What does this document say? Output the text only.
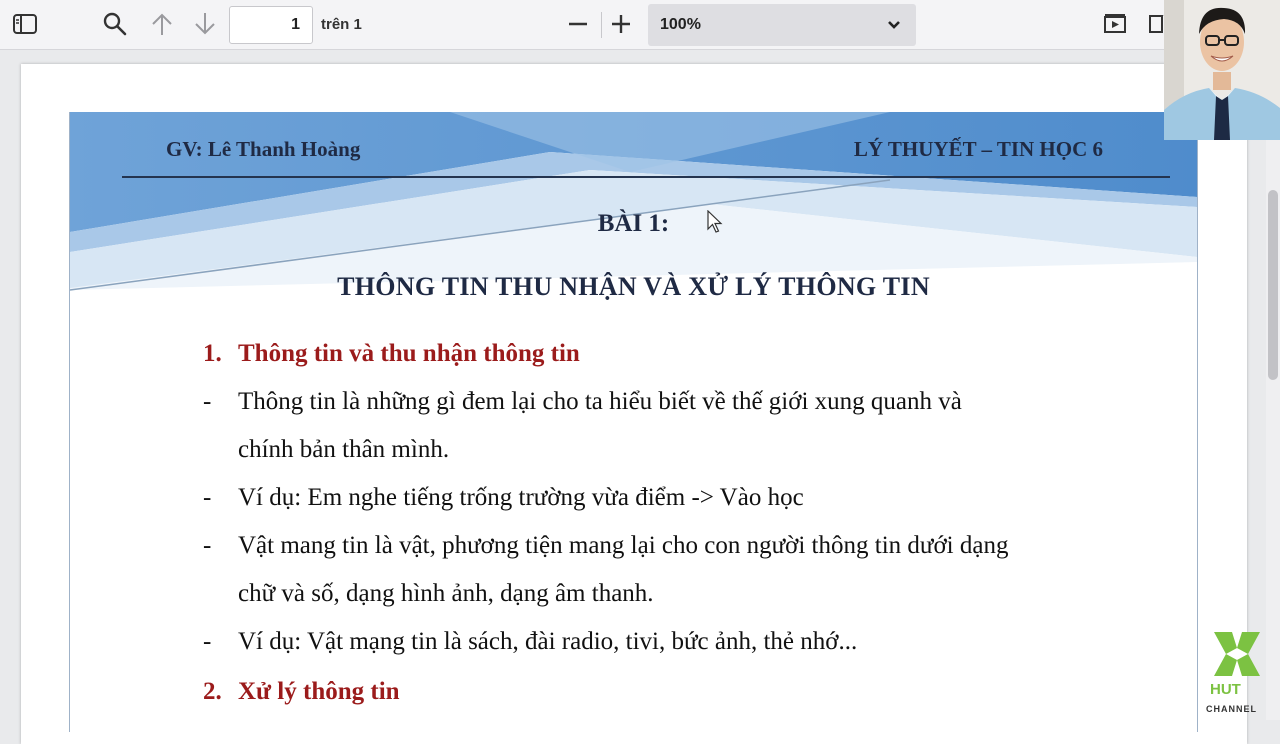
1
trên 1	100%
GV: Lê Thanh Hoàng	LÝ THUYẾT – TIN HỌC 6
BÀI 1:
THÔNG TIN THU NHẬN VÀ XỬ LÝ THÔNG TIN
1. Thông tin và thu nhận thông tin
- Thông tin là những gì đem lại cho ta hiểu biết về thế giới xung quanh và
chính bản thân mình.
- Ví dụ: Em nghe tiếng trống trường vừa điểm -> Vào học
- Vật mang tin là vật, phương tiện mang lại cho con người thông tin dưới dạng
chữ và số, dạng hình ảnh, dạng âm thanh.
- Ví dụ: Vật mạng tin là sách, đài radio, tivi, bức ảnh, thẻ nhớ...
2. Xử lý thông tin	HUT
CHANNEL
